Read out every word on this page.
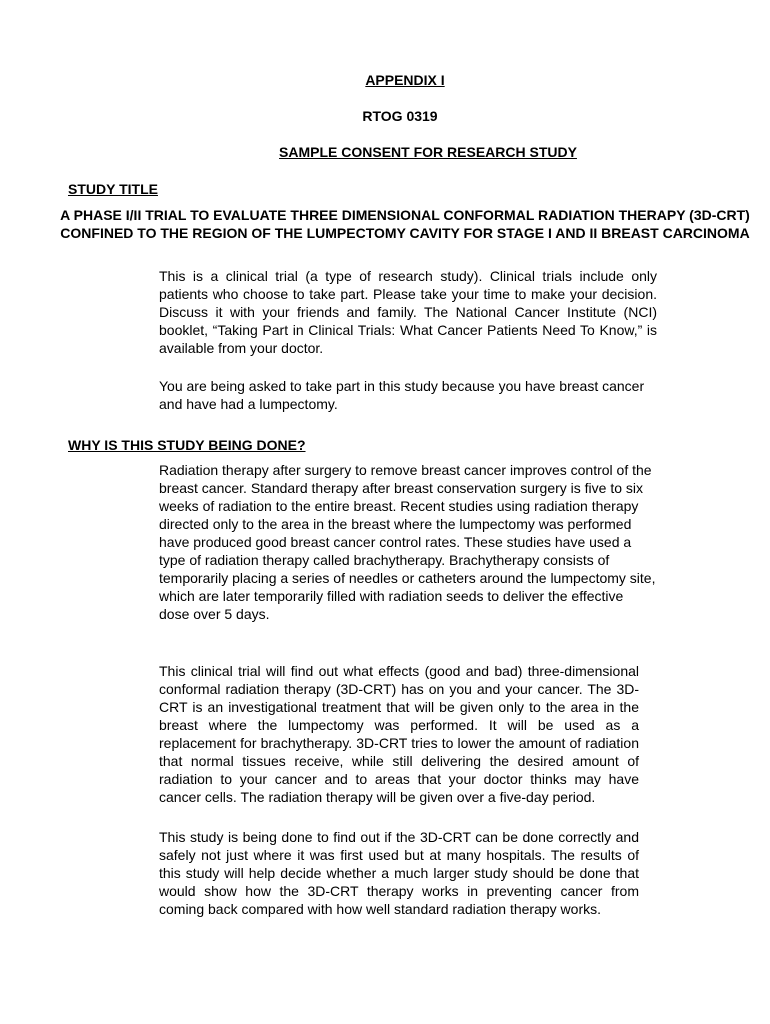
APPENDIX I

RTOG 0319

SAMPLE CONSENT FOR RESEARCH STUDY

STUDY TITLE

A PHASE I/II TRIAL TO EVALUATE THREE DIMENSIONAL CONFORMAL RADIATION THERAPY (3D-CRT) CONFINED TO THE REGION OF THE LUMPECTOMY CAVITY FOR STAGE I AND II BREAST CARCINOMA

This is a clinical trial (a type of research study). Clinical trials include only patients who choose to take part. Please take your time to make your decision. Discuss it with your friends and family. The National Cancer Institute (NCI) booklet, “Taking Part in Clinical Trials: What Cancer Patients Need To Know,” is available from your doctor.

You are being asked to take part in this study because you have breast cancer and have had a lumpectomy.

WHY IS THIS STUDY BEING DONE?

Radiation therapy after surgery to remove breast cancer improves control of the breast cancer. Standard therapy after breast conservation surgery is five to six weeks of radiation to the entire breast. Recent studies using radiation therapy directed only to the area in the breast where the lumpectomy was performed have produced good breast cancer control rates. These studies have used a type of radiation therapy called brachytherapy. Brachytherapy consists of temporarily placing a series of needles or catheters around the lumpectomy site, which are later temporarily filled with radiation seeds to deliver the effective dose over 5 days.

This clinical trial will find out what effects (good and bad) three-dimensional conformal radiation therapy (3D-CRT) has on you and your cancer. The 3D-CRT is an investigational treatment that will be given only to the area in the breast where the lumpectomy was performed. It will be used as a replacement for brachytherapy. 3D-CRT tries to lower the amount of radiation that normal tissues receive, while still delivering the desired amount of radiation to your cancer and to areas that your doctor thinks may have cancer cells. The radiation therapy will be given over a five-day period.

This study is being done to find out if the 3D-CRT can be done correctly and safely not just where it was first used but at many hospitals. The results of this study will help decide whether a much larger study should be done that would show how the 3D-CRT therapy works in preventing cancer from coming back compared with how well standard radiation therapy works.
